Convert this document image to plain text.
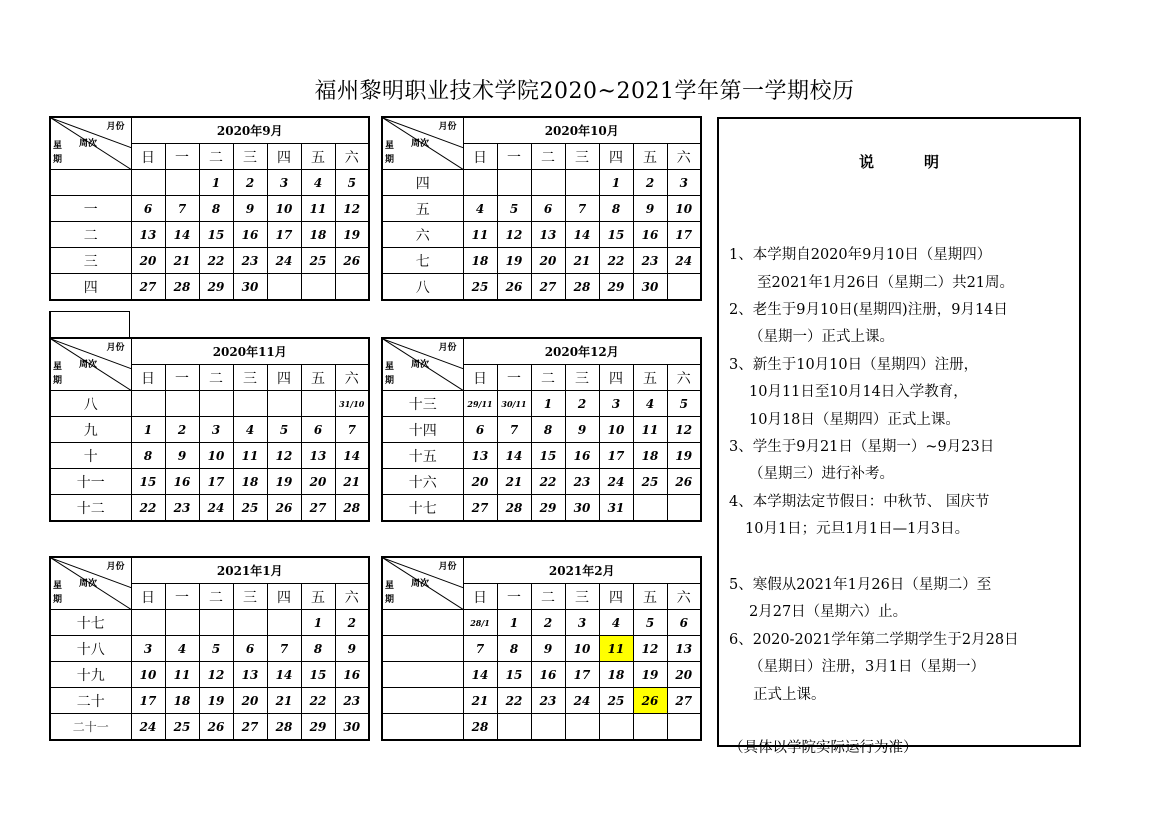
福州黎明职业技术学院2020~2021学年第一学期校历
月份
周次
星
期	2020年9月						
	日	一	二	三	四	五	六
			1	2	3	4	5
一	6	7	8	9	10	11	12
二	13	14	15	16	17	18	19
三	20	21	22	23	24	25	26
四	27	28	29	30			
月份
周次
星
期	2020年10月						
	日	一	二	三	四	五	六
四					1	2	3
五	4	5	6	7	8	9	10
六	11	12	13	14	15	16	17
七	18	19	20	21	22	23	24
八	25	26	27	28	29	30	
月份
周次
星
期	2020年11月						
	日	一	二	三	四	五	六
八							31/10
九	1	2	3	4	5	6	7
十	8	9	10	11	12	13	14
十一	15	16	17	18	19	20	21
十二	22	23	24	25	26	27	28
月份
周次
星
期	2020年12月						
	日	一	二	三	四	五	六
十三	29/11	30/11	1	2	3	4	5
十四	6	7	8	9	10	11	12
十五	13	14	15	16	17	18	19
十六	20	21	22	23	24	25	26
十七	27	28	29	30	31		
月份
周次
星
期	2021年1月						
	日	一	二	三	四	五	六
十七						1	2
十八	3	4	5	6	7	8	9
十九	10	11	12	13	14	15	16
二十	17	18	19	20	21	22	23
二十一	24	25	26	27	28	29	30
月份
周次
星
期	2021年2月						
	日	一	二	三	四	五	六
	28/1	1	2	3	4	5	6
	7	8	9	10	11	12	13
	14	15	16	17	18	19	20
	21	22	23	24	25	26	27
	28						
说明
1、本学期自2020年9月10日（星期四）
至2021年1月26日（星期二）共21周。
2、老生于9月10日(星期四)注册，9月14日
（星期一）正式上课。
3、新生于10月10日（星期四）注册，
10月11日至10月14日入学教育，
10月18日（星期四）正式上课。
3、学生于9月21日（星期一）~9月23日
（星期三）进行补考。
4、本学期法定节假日：中秋节、 国庆节
10月1日；元旦1月1日—1月3日。
5、寒假从2021年1月26日（星期二）至
2月27日（星期六）止。
6、2020-2021学年第二学期学生于2月28日
（星期日）注册，3月1日（星期一）
正式上课。
（具体以学院实际运行为准）
